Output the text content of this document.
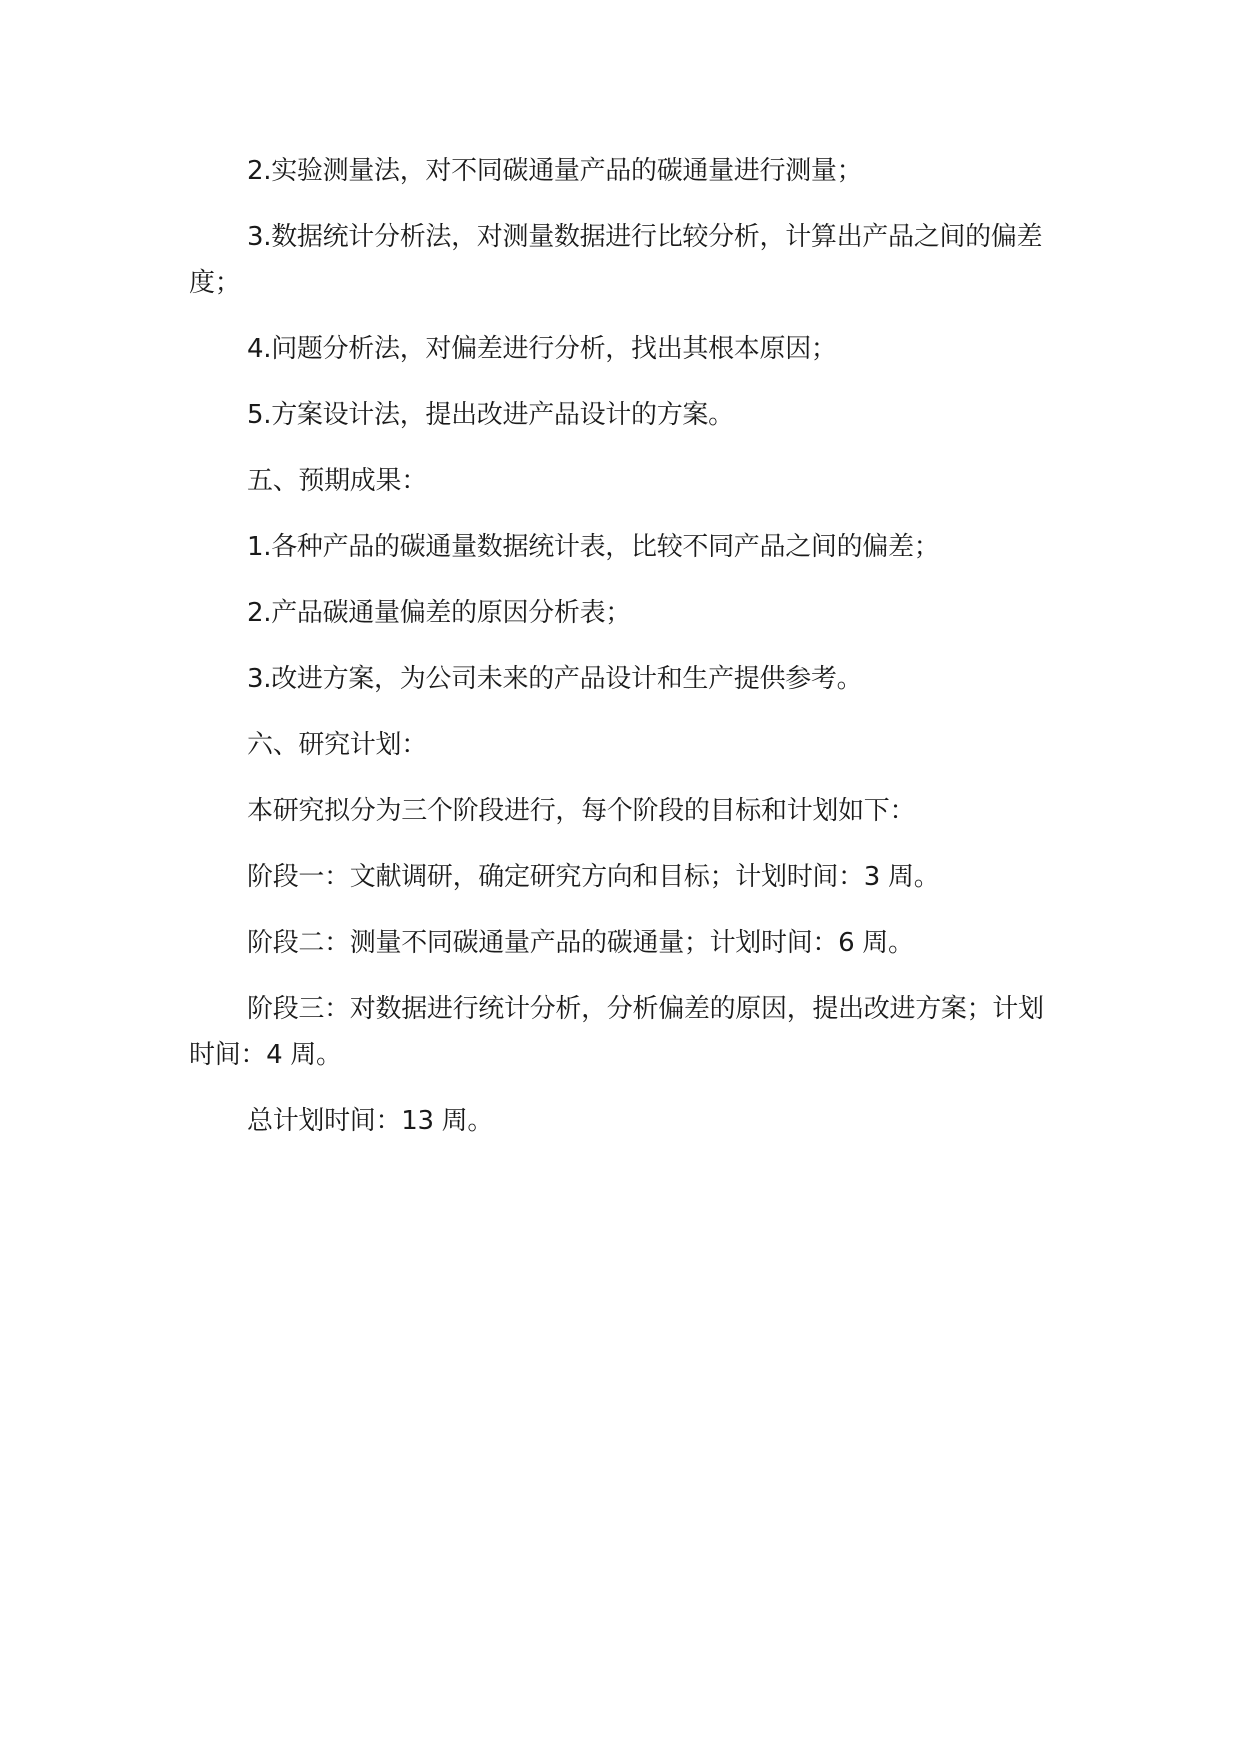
2.实验测量法，对不同碳通量产品的碳通量进行测量；

3.数据统计分析法，对测量数据进行比较分析，计算出产品之间的偏差度；

4.问题分析法，对偏差进行分析，找出其根本原因；

5.方案设计法，提出改进产品设计的方案。

五、预期成果：

1.各种产品的碳通量数据统计表，比较不同产品之间的偏差；

2.产品碳通量偏差的原因分析表；

3.改进方案，为公司未来的产品设计和生产提供参考。

六、研究计划：

本研究拟分为三个阶段进行，每个阶段的目标和计划如下：

阶段一：文献调研，确定研究方向和目标；计划时间：3 周。

阶段二：测量不同碳通量产品的碳通量；计划时间：6 周。

阶段三：对数据进行统计分析，分析偏差的原因，提出改进方案；计划时间：4 周。

总计划时间：13 周。
